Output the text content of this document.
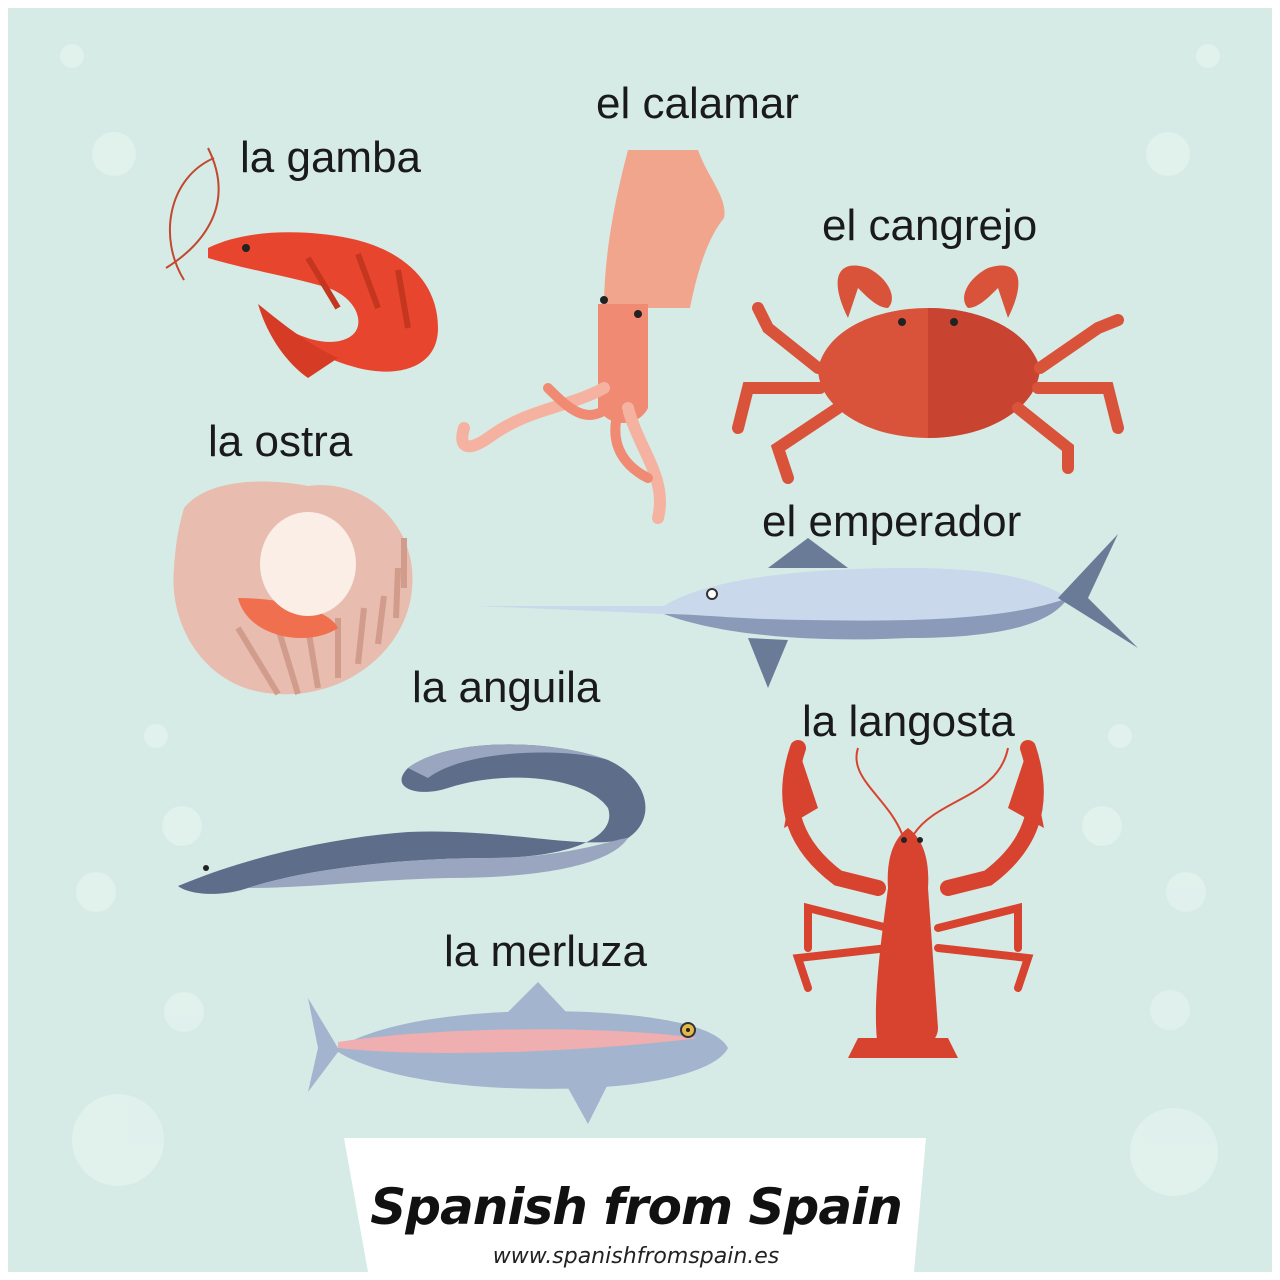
la gamba
el calamar
el cangrejo
la ostra
el emperador
la anguila
la langosta
la merluza
Spanish from Spain
www.spanishfromspain.es
